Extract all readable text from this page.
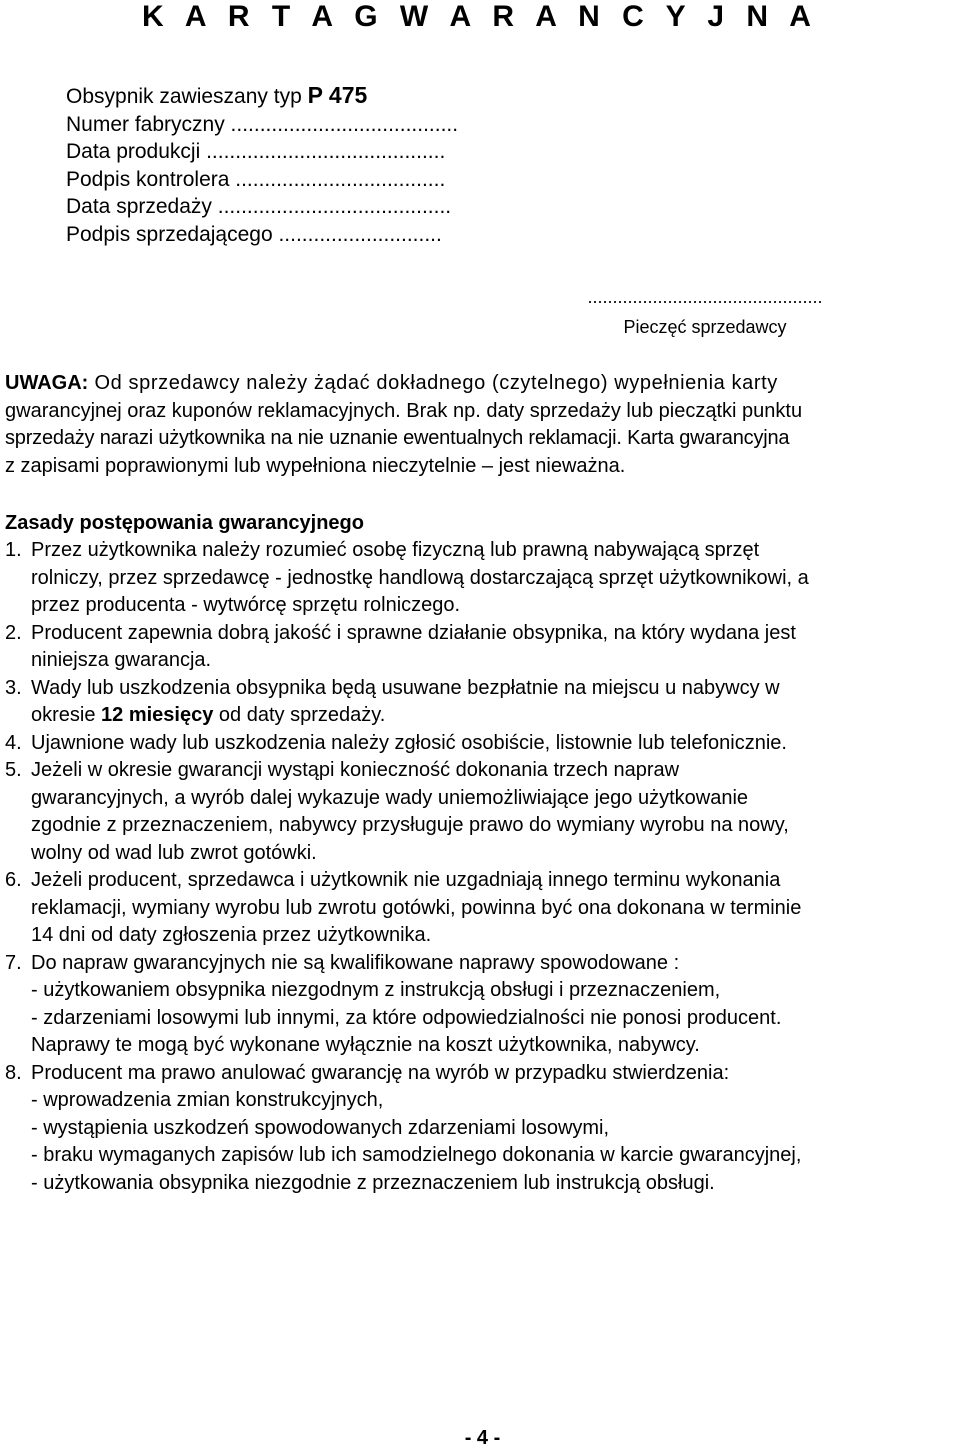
K A R T A G W A R A N C Y J N A
Obsypnik zawieszany typ P 475
Numer fabryczny .......................................
Data produkcji .........................................
Podpis kontrolera ....................................
Data sprzedaży ........................................
Podpis sprzedającego ............................
...............................................
Pieczęć sprzedawcy

UWAGA: Od sprzedawcy należy żądać dokładnego (czytelnego) wypełnienia karty

gwarancyjnej oraz kuponów reklamacyjnych. Brak np. daty sprzedaży lub pieczątki punktu

sprzedaży narazi użytkownika na nie uznanie ewentualnych reklamacji. Karta gwarancyjna

z zapisami poprawionymi lub wypełniona nieczytelnie – jest nieważna.

Zasady postępowania gwarancyjnego
1. Przez użytkownika należy rozumieć osobę fizyczną lub prawną nabywającą sprzęt
rolniczy, przez sprzedawcę - jednostkę handlową dostarczającą sprzęt użytkownikowi, a
przez producenta - wytwórcę sprzętu rolniczego.
2. Producent zapewnia dobrą jakość i sprawne działanie obsypnika, na który wydana jest
niniejsza gwarancja.
3. Wady lub uszkodzenia obsypnika będą usuwane bezpłatnie na miejscu u nabywcy w
okresie 12 miesięcy od daty sprzedaży.
4. Ujawnione wady lub uszkodzenia należy zgłosić osobiście, listownie lub telefonicznie.
5. Jeżeli w okresie gwarancji wystąpi konieczność dokonania trzech napraw
gwarancyjnych, a wyrób dalej wykazuje wady uniemożliwiające jego użytkowanie
zgodnie z przeznaczeniem, nabywcy przysługuje prawo do wymiany wyrobu na nowy,
wolny od wad lub zwrot gotówki.
6. Jeżeli producent, sprzedawca i użytkownik nie uzgadniają innego terminu wykonania
reklamacji, wymiany wyrobu lub zwrotu gotówki, powinna być ona dokonana w terminie
14 dni od daty zgłoszenia przez użytkownika.
7. Do napraw gwarancyjnych nie są kwalifikowane naprawy spowodowane :
- użytkowaniem obsypnika niezgodnym z instrukcją obsługi i przeznaczeniem,
- zdarzeniami losowymi lub innymi, za które odpowiedzialności nie ponosi producent.
Naprawy te mogą być wykonane wyłącznie na koszt użytkownika, nabywcy.
8. Producent ma prawo anulować gwarancję na wyrób w przypadku stwierdzenia:
- wprowadzenia zmian konstrukcyjnych,
- wystąpienia uszkodzeń spowodowanych zdarzeniami losowymi,
- braku wymaganych zapisów lub ich samodzielnego dokonania w karcie gwarancyjnej,
- użytkowania obsypnika niezgodnie z przeznaczeniem lub instrukcją obsługi.
- 4 -
